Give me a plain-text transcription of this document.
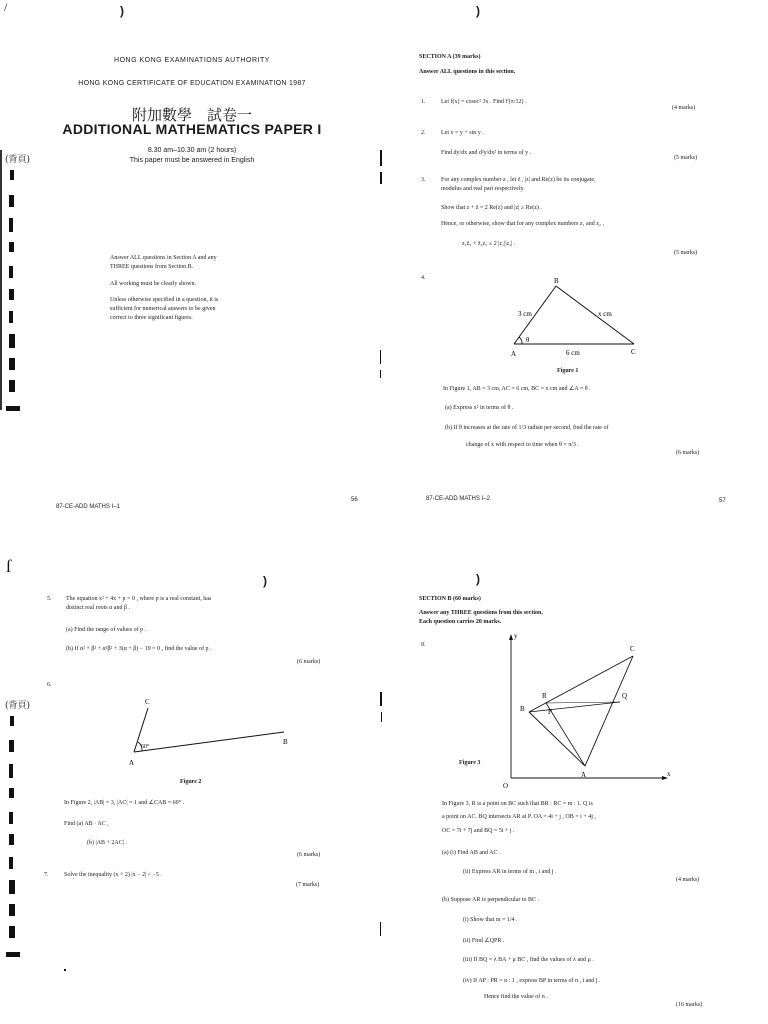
/	)
HONG KONG EXAMINATIONS AUTHORITY
HONG KONG CERTIFICATE OF EDUCATION EXAMINATION 1987
附加數學　試卷一
ADDITIONAL MATHEMATICS PAPER I
8.30 am–10.30 am (2 hours)
This paper must be answered in English
Answer ALL questions in Section A and any
THREE questions from Section B.
All working must be clearly shown.
Unless otherwise specified in a question, it is
sufficient for numerical answers to be given
correct to three significant figures.
(背頁)
87-CE-ADD MATHS I–1
56
)
SECTION A (39 marks)
Answer ALL questions in this section.
1.	Let f(x) = cosec² 3x . Find f′(π/12) .
(4 marks)
2.	Let x = y + sin y .
Find dy/dx and d²y/dx² in terms of y .
(5 marks)
3.	For any complex number z , let z̄ , |z| and Re(z) be its conjugate,
modulus and real part respectively.
Show that z + z̄ = 2 Re(z) and |z| ≥ Re(z) .
Hence, or otherwise, show that for any complex numbers z₁ and z₂ ,
z₁z̄₂ + z̄₁z₂ ≤ 2 |z₁||z₂| .
(5 marks)
4.	B
3 cm	x cm
θ
A	6 cm	C
Figure 1
In Figure 1, AB = 3 cm, AC = 6 cm, BC = x cm and ∠A = θ .
(a) Express x² in terms of θ .
(b) If θ increases at the rate of 1/3 radian per second, find the rate of
change of x with respect to time when θ = π/3 .
(6 marks)
87-CE-ADD MATHS I–2	57
ſ
)
5. The equation x² + 4x + p = 0 , where p is a real constant, has
distinct real roots α and β .
(a) Find the range of values of p .
(b) If α² + β² + α²β² + 3(α + β) − 19 = 0 , find the value of p .
(6 marks)
6.
C
60°
B
A
Figure 2
In Figure 2, |AB| = 3, |AC| = 1 and ∠CAB = 60° .
Find (a) AB · AC ,
(b) |AB + 2AC| .
(6 marks)
7.	Solve the inequality (x + 2) |x − 2| < −5 .
(7 marks)
(背頁)
)
SECTION B (60 marks)
Answer any THREE questions from this section.
Each question carries 20 marks.
8.
y
C
R	Q
B	P
A	x
O
Figure 3
In Figure 3, R is a point on BC such that BR : RC = m : 1. Q is
a point on AC. BQ intersects AR at P. OA = 4i + j , OB = i + 4j ,
OC = 7i + 7j and BQ = 5i + j .
(a) (i) Find AB and AC .
(ii) Express AR in terms of m , i and j .
(4 marks)
(b) Suppose AR is perpendicular to BC .
(i) Show that m = 1/4 .
(ii) Find ∠QPR .
(iii) If BQ = λ BA + μ BC , find the values of λ and μ .
(iv) If AP : PR = n : 1 , express BP in terms of n , i and j .
Hence find the value of n .
(16 marks)
